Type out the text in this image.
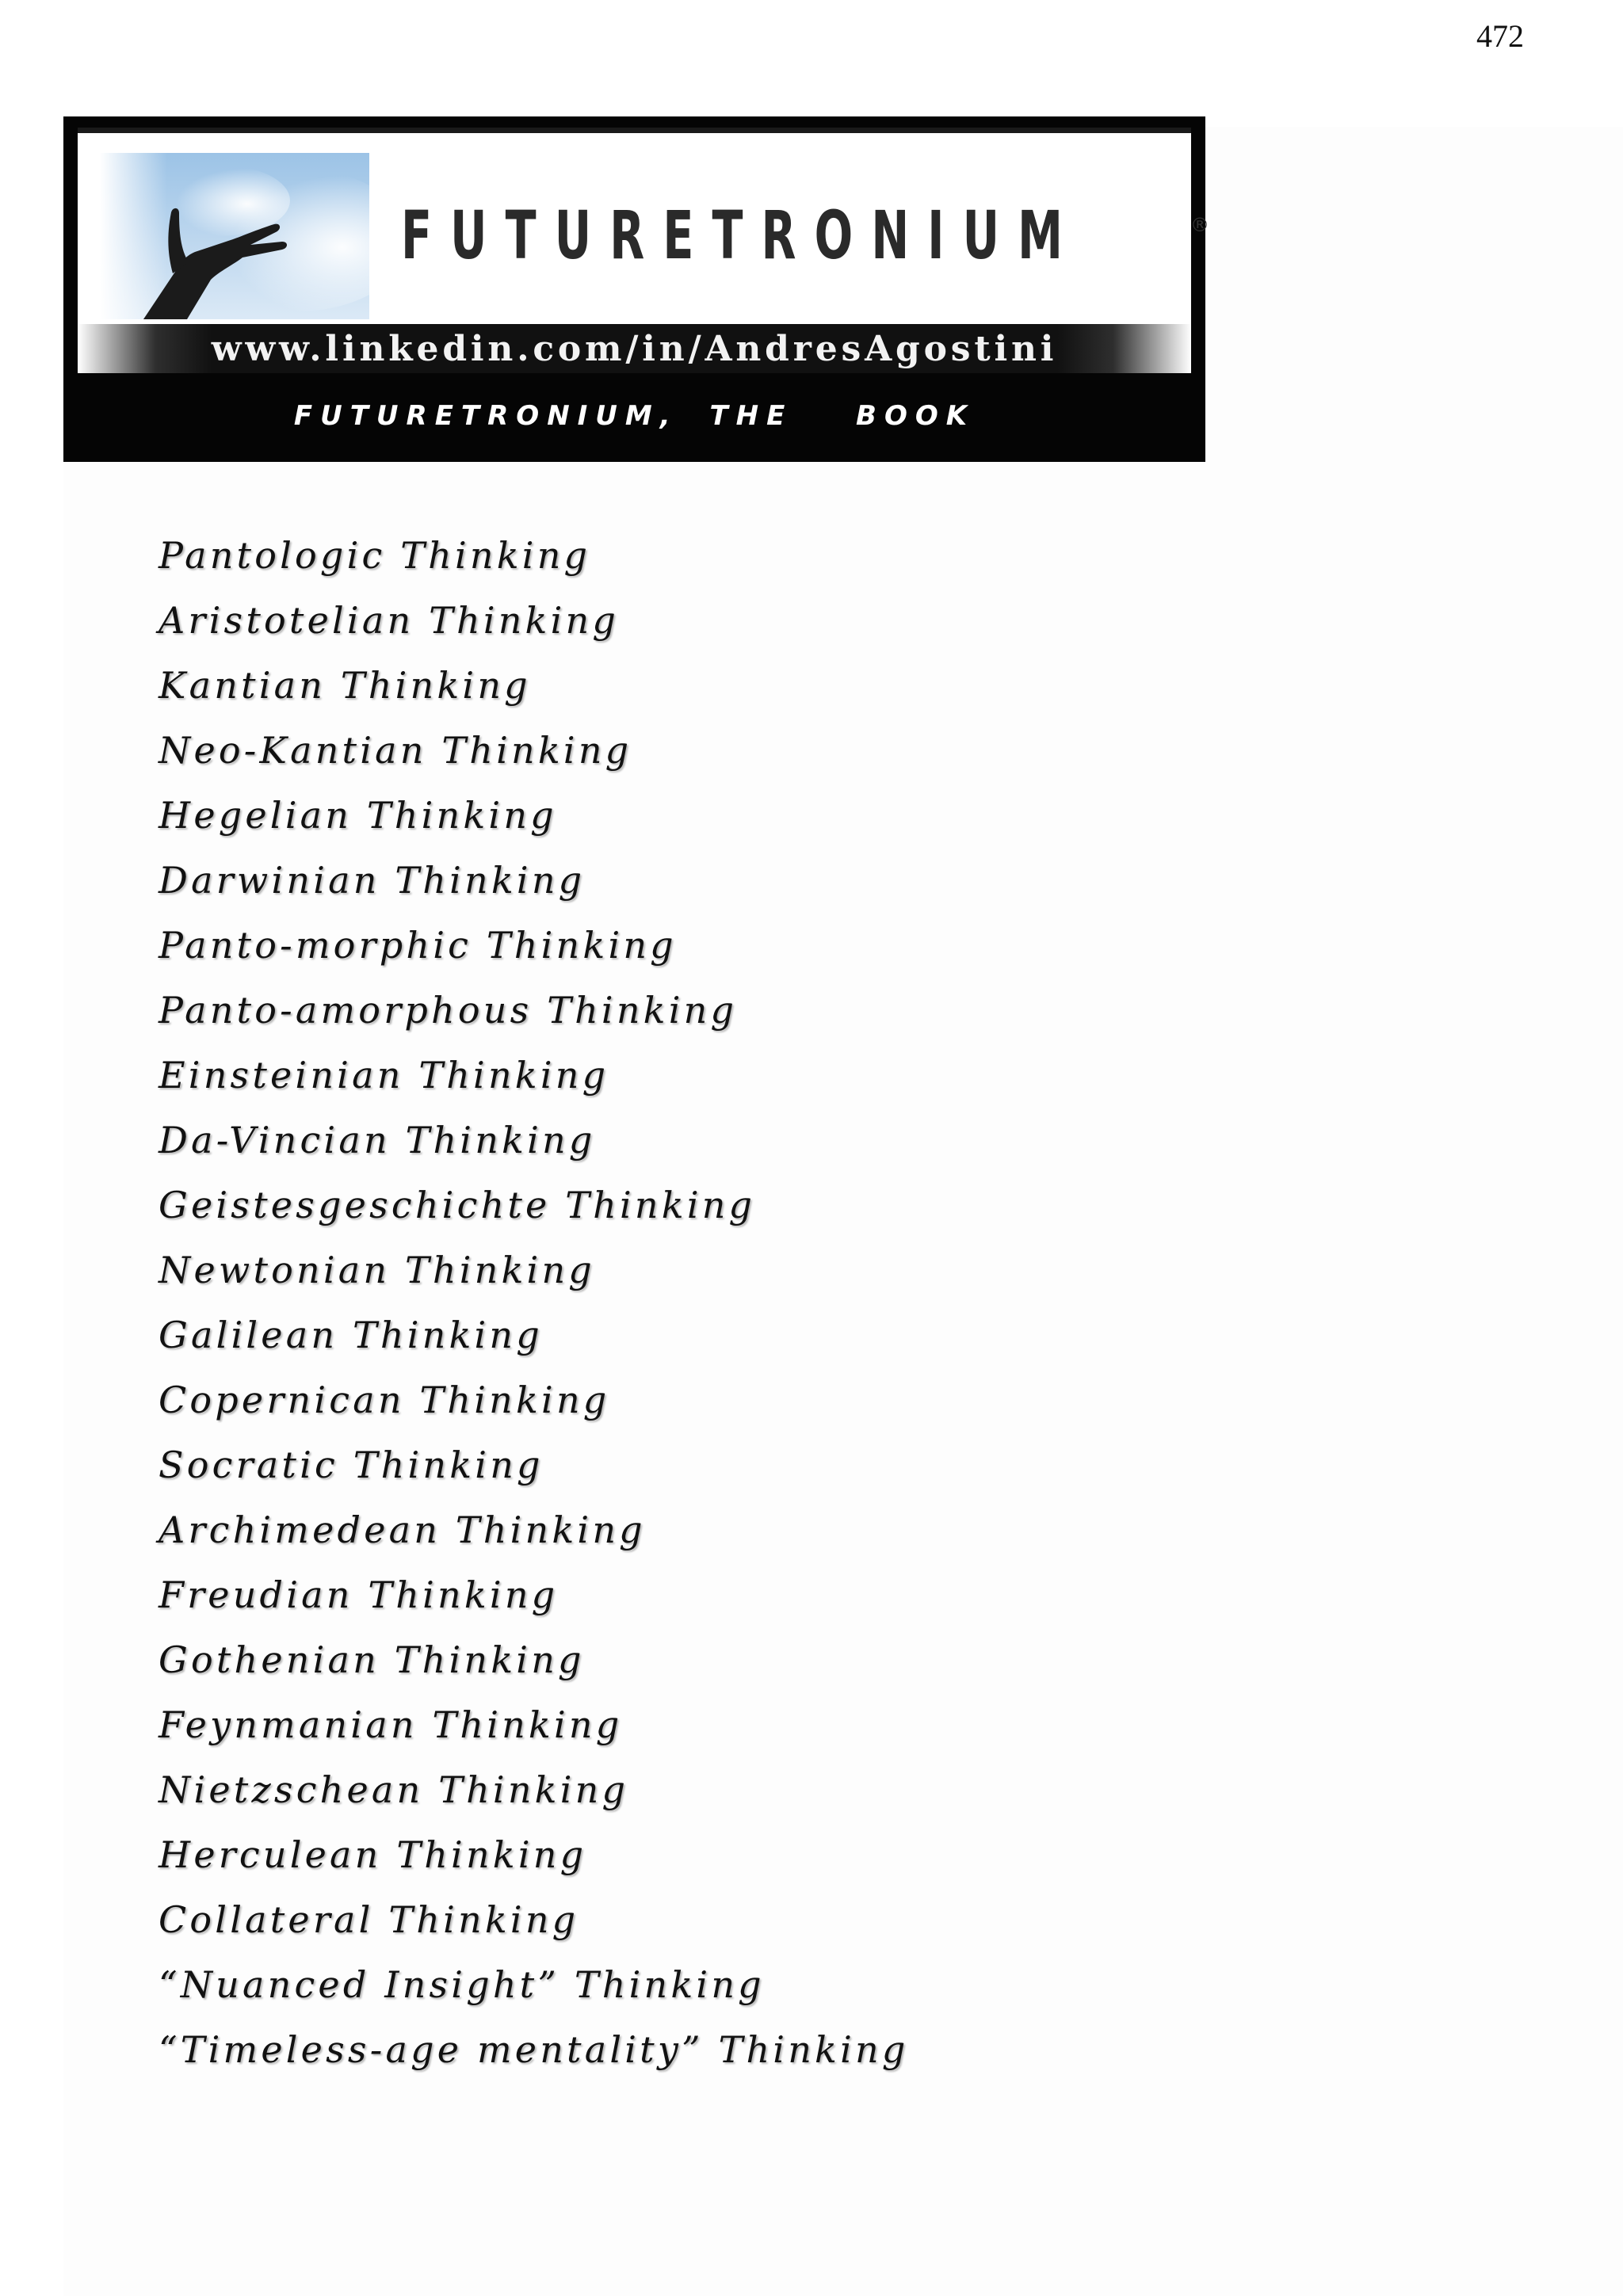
472
FUTURETRONIUM	®
www.linkedin.com/in/AndresAgostini
FUTURETRONIUM, THE  BOOK
Pantologic Thinking
Aristotelian Thinking
Kantian Thinking
Neo-Kantian Thinking
Hegelian Thinking
Darwinian Thinking
Panto-morphic Thinking
Panto-amorphous Thinking
Einsteinian Thinking
Da-Vincian Thinking
Geistesgeschichte Thinking
Newtonian Thinking
Galilean Thinking
Copernican Thinking
Socratic Thinking
Archimedean Thinking
Freudian Thinking
Gothenian Thinking
Feynmanian Thinking
Nietzschean Thinking
Herculean Thinking
Collateral Thinking
“Nuanced Insight” Thinking
“Timeless-age mentality” Thinking
